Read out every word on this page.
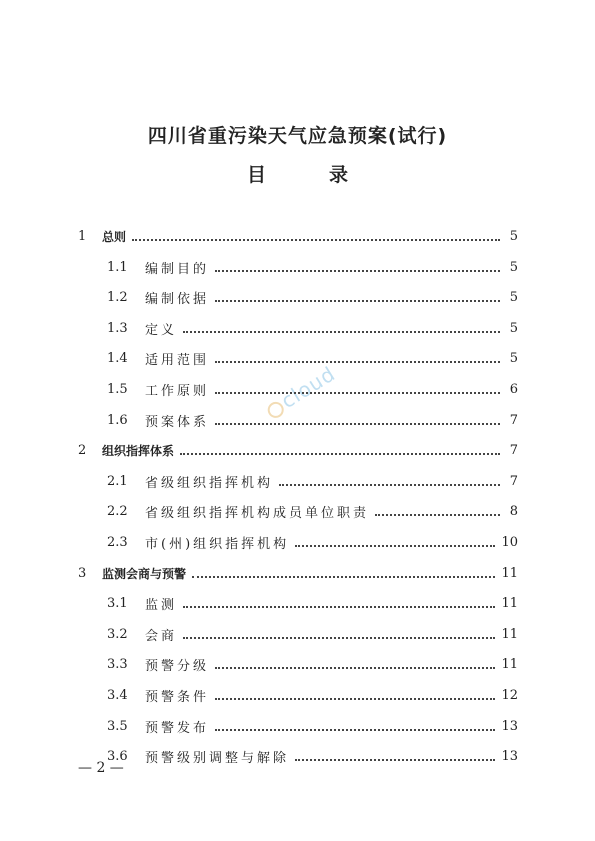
四川省重污染天气应急预案(试行)
目　录
cloud
1	总则	5
1.1	编制目的	5
1.2	编制依据	5
1.3	定义	5
1.4	适用范围	5
1.5	工作原则	6
1.6	预案体系	7
2	组织指挥体系	7
2.1	省级组织指挥机构	7
2.2	省级组织指挥机构成员单位职责	8
2.3	市(州)组织指挥机构	10
3	监测会商与预警	11
3.1	监测	11
3.2	会商	11
3.3	预警分级	11
3.4	预警条件	12
3.5	预警发布	13
3.6	预警级别调整与解除	13
— 2 —
